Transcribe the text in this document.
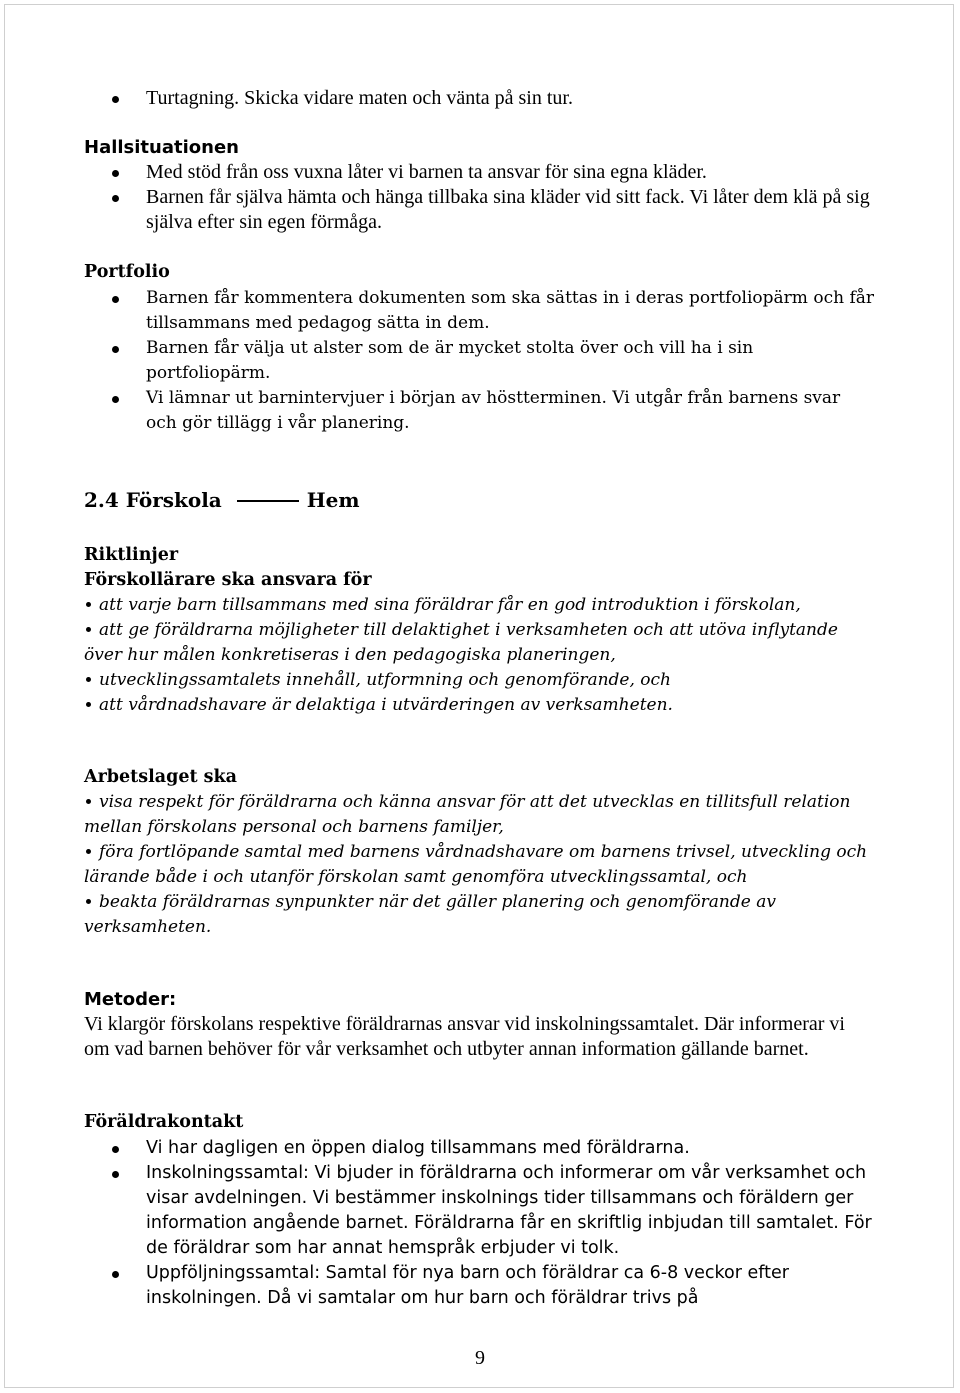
Turtagning. Skicka vidare maten och vänta på sin tur.
Hallsituationen
Med stöd från oss vuxna låter vi barnen ta ansvar för sina egna kläder.
Barnen får själva hämta och hänga tillbaka sina kläder vid sitt fack. Vi låter dem klä på sig själva efter sin egen förmåga.
Portfolio
Barnen får kommentera dokumenten som ska sättas in i deras portfoliopärm och får tillsammans med pedagog sätta in dem.
Barnen får välja ut alster som de är mycket stolta över och vill ha i sin portfoliopärm.
Vi lämnar ut barnintervjuer i början av höstterminen. Vi utgår från barnens svar och gör tillägg i vår planering.
2.4 Förskola	Hem
Riktlinjer
Förskollärare ska ansvara för

att varje barn tillsammans med sina föräldrar får en god introduktion i förskolan,

att ge föräldrarna möjligheter till delaktighet i verksamheten och att utöva inflytande över hur målen konkretiseras i den pedagogiska planeringen,

utvecklingssamtalets innehåll, utformning och genomförande, och

att vårdnadshavare är delaktiga i utvärderingen av verksamheten.

Arbetslaget ska

visa respekt för föräldrarna och känna ansvar för att det utvecklas en tillitsfull relation mellan förskolans personal och barnens familjer,

föra fortlöpande samtal med barnens vårdnadshavare om barnens trivsel, utveckling och lärande både i och utanför förskolan samt genomföra utvecklingssamtal, och

beakta föräldrarnas synpunkter när det gäller planering och genomförande av verksamheten.

Metoder:

Vi klargör förskolans respektive föräldrarnas ansvar vid inskolningssamtalet. Där informerar vi om vad barnen behöver för vår verksamhet och utbyter annan information gällande barnet.

Föräldrakontakt
Vi har dagligen en öppen dialog tillsammans med föräldrarna.
Inskolningssamtal: Vi bjuder in föräldrarna och informerar om vår verksamhet och visar avdelningen. Vi bestämmer inskolnings tider tillsammans och föräldern ger information angående barnet. Föräldrarna får en skriftlig inbjudan till samtalet. För de föräldrar som har annat hemspråk erbjuder vi tolk.
Uppföljningssamtal: Samtal för nya barn och föräldrar ca 6-8 veckor efter inskolningen. Då vi samtalar om hur barn och föräldrar trivs på
9
